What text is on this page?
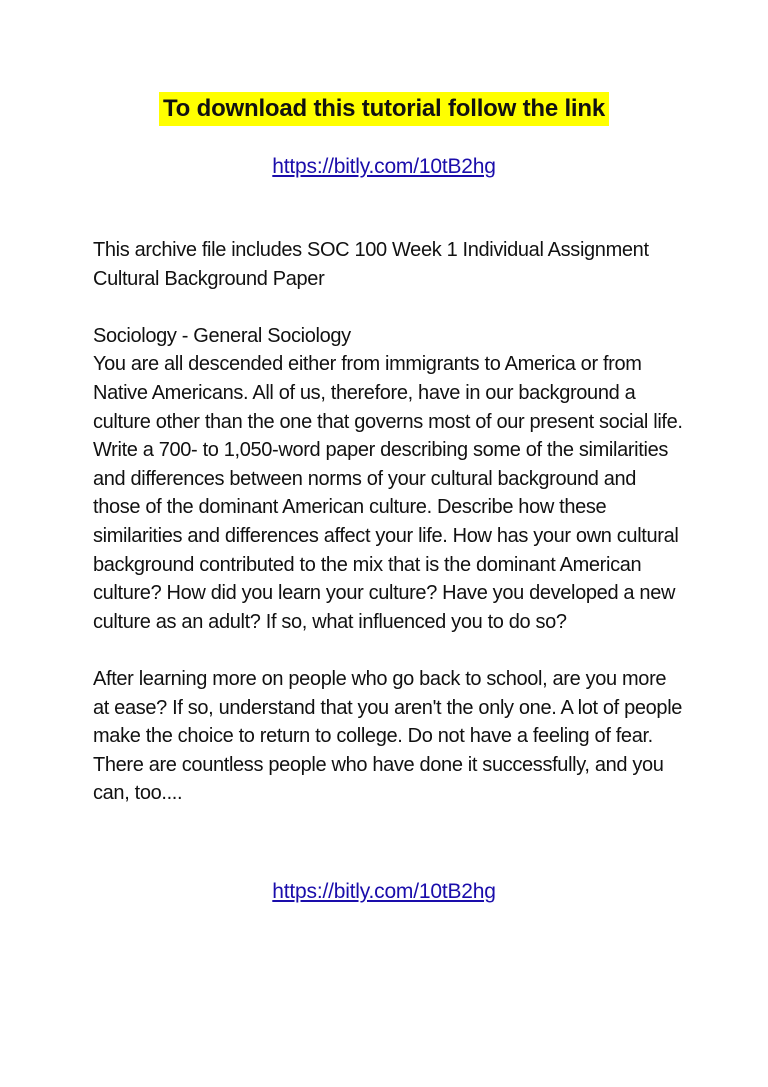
To download this tutorial follow the link
https://bitly.com/10tB2hg

This archive file includes SOC 100 Week 1 Individual Assignment Cultural Background Paper

Sociology - General Sociology

You are all descended either from immigrants to America or from Native Americans. All of us, therefore, have in our background a culture other than the one that governs most of our present social life.

Write a 700- to 1,050-word paper describing some of the similarities and differences between norms of your cultural background and those of the dominant American culture. Describe how these similarities and differences affect your life. How has your own cultural background contributed to the mix that is the dominant American culture? How did you learn your culture? Have you developed a new culture as an adult? If so, what influenced you to do so?

After learning more on people who go back to school, are you more at ease? If so, understand that you aren't the only one. A lot of people make the choice to return to college. Do not have a feeling of fear. There are countless people who have done it successfully, and you can, too....

https://bitly.com/10tB2hg
